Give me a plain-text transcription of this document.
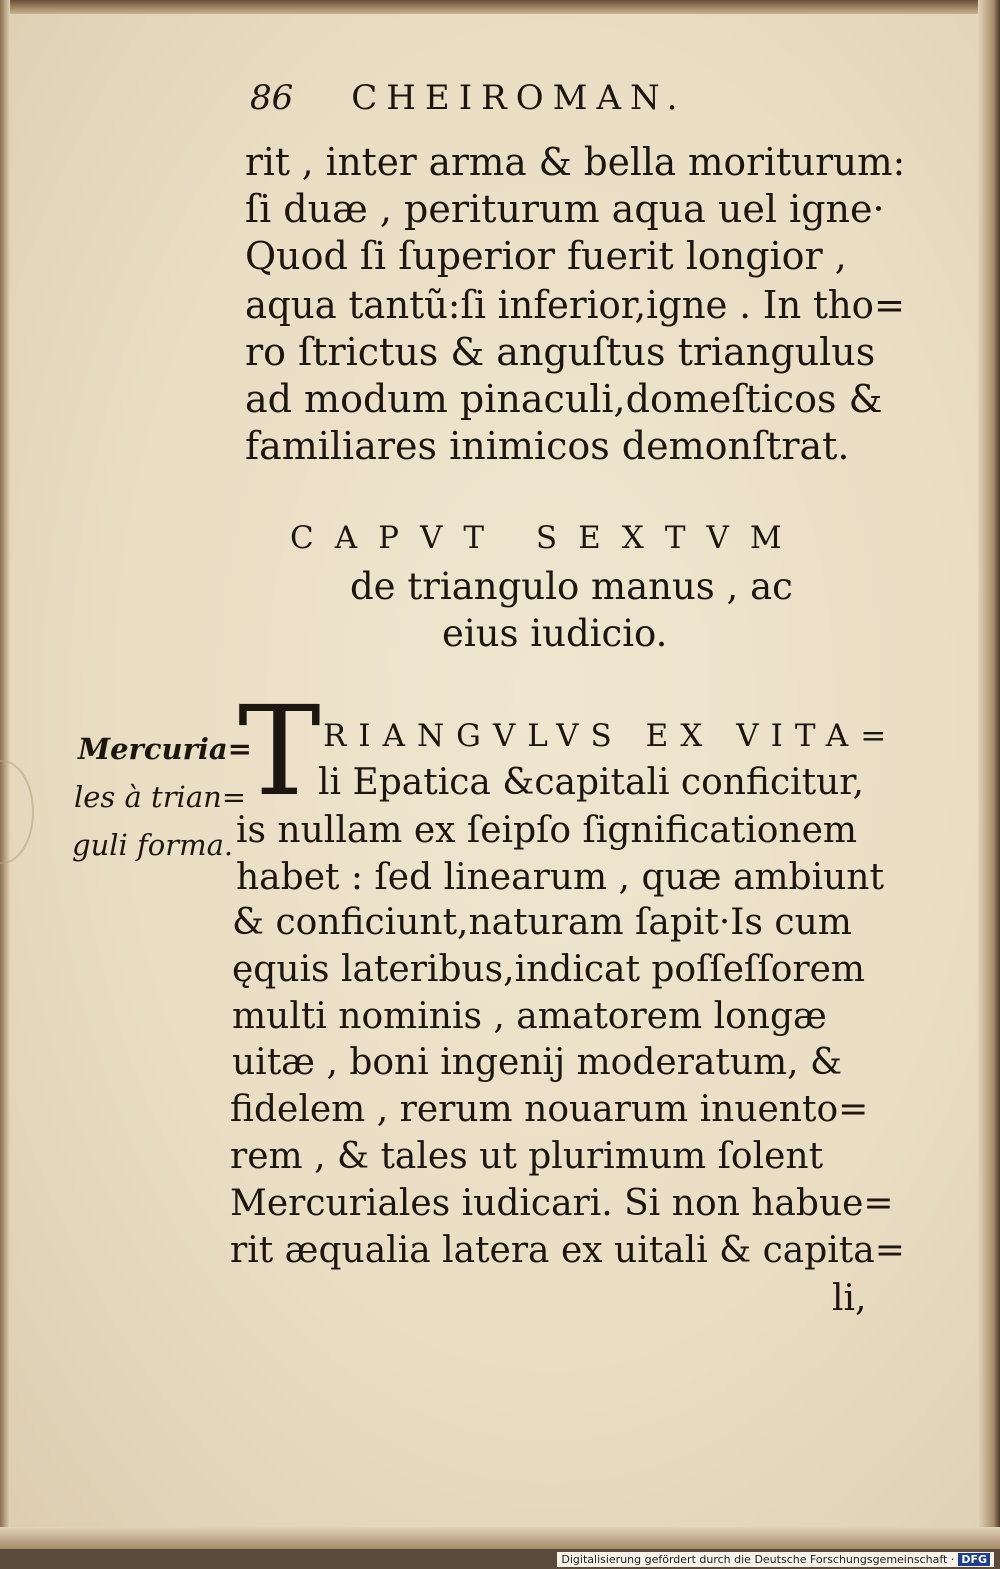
86 CHEIROMAN.
rit , inter arma & bella moriturum:
ſi duæ , periturum aqua uel igne·
Quod ſi ſuperior fuerit longior ,
aqua tantũ:ſi inferior,igne . In tho=
ro ſtrictus & anguſtus triangulus
ad modum pinaculi,domeſticos &
familiares inimicos demonſtrat.
CAPVT SEXTVM
de triangulo manus , ac
eius iudicio.
Mercuria=
les à trian=
guli forma.
T RIANGVLVS EX VITA=
li Epatica &capitali conficitur,
is nullam ex ſeipſo ſignificationem
habet : ſed linearum , quæ ambiunt
& conficiunt,naturam ſapit·Is cum
ęquis lateribus,indicat poſſeſſorem
multi nominis , amatorem longæ
uitæ , boni ingenij moderatum, &
fidelem , rerum nouarum inuento=
rem , & tales ut plurimum ſolent
Mercuriales iudicari. Si non habue=
rit æqualia latera ex uitali & capita=
li,
Digitalisierung gefördert durch die Deutsche Forschungsgemeinschaft · DFG
